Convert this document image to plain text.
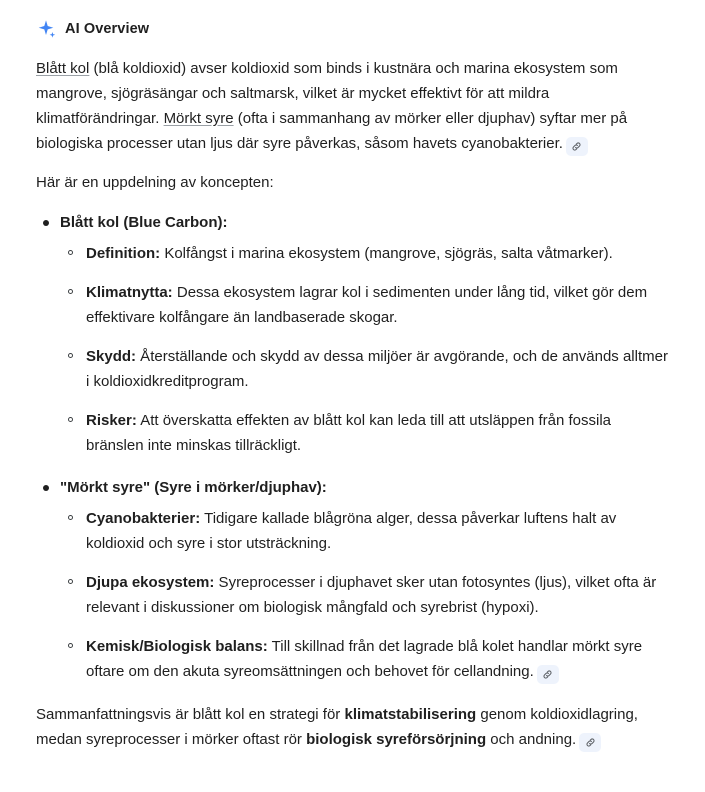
AI Overview

Blått kol (blå koldioxid) avser koldioxid som binds i kustnära och marina ekosystem som mangrove, sjögräsängar och saltmarsk, vilket är mycket effektivt för att mildra klimatförändringar. Mörkt syre (ofta i sammanhang av mörker eller djuphav) syftar mer på biologiska processer utan ljus där syre påverkas, såsom havets cyanobakterier.

Här är en uppdelning av koncepten:

Blått kol (Blue Carbon):
Definition: Kolfångst i marina ekosystem (mangrove, sjögräs, salta våtmarker).
Klimatnytta: Dessa ekosystem lagrar kol i sedimenten under lång tid, vilket gör dem effektivare kolfångare än landbaserade skogar.
Skydd: Återställande och skydd av dessa miljöer är avgörande, och de används alltmer i koldioxidkreditprogram.
Risker: Att överskatta effekten av blått kol kan leda till att utsläppen från fossila bränslen inte minskas tillräckligt.
"Mörkt syre" (Syre i mörker/djuphav):
Cyanobakterier: Tidigare kallade blågröna alger, dessa påverkar luftens halt av koldioxid och syre i stor utsträckning.
Djupa ekosystem: Syreprocesser i djuphavet sker utan fotosyntes (ljus), vilket ofta är relevant i diskussioner om biologisk mångfald och syrebrist (hypoxi).
Kemisk/Biologisk balans: Till skillnad från det lagrade blå kolet handlar mörkt syre oftare om den akuta syreomsättningen och behovet för cellandning.

Sammanfattningsvis är blått kol en strategi för klimatstabilisering genom koldioxidlagring, medan syreprocesser i mörker oftast rör biologisk syreförsörjning och andning.
